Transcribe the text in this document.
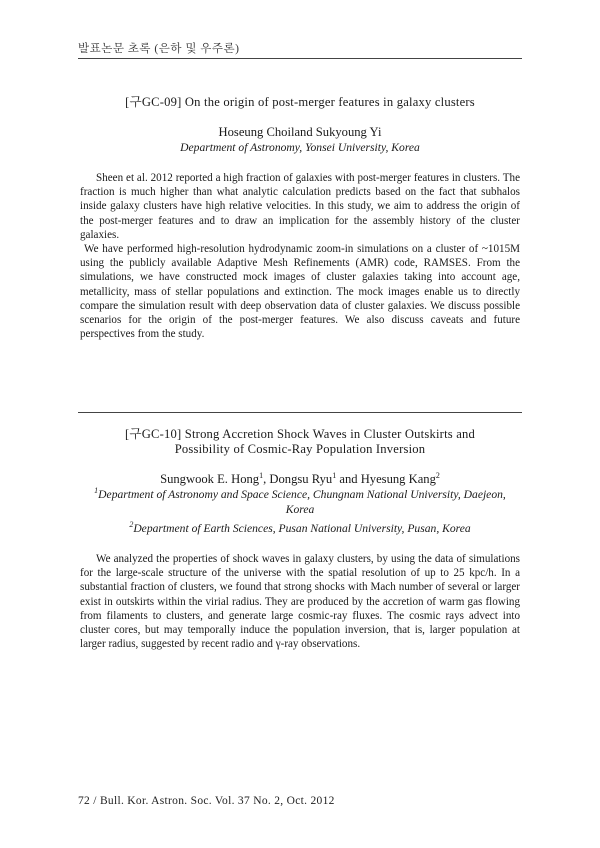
발표논문 초록 (은하 및 우주론)
[구GC-09] On the origin of post-merger features in galaxy clusters
Hoseung Choiland Sukyoung Yi
Department of Astronomy, Yonsei University, Korea

Sheen et al. 2012 reported a high fraction of galaxies with post-merger features in clusters. The fraction is much higher than what analytic calculation predicts based on the fact that subhalos inside galaxy clusters have high relative velocities. In this study, we aim to address the origin of the post-merger features and to draw an implication for the assembly history of the cluster galaxies.

We have performed high-resolution hydrodynamic zoom-in simulations on a cluster of ~1015M using the publicly available Adaptive Mesh Refinements (AMR) code, RAMSES. From the simulations, we have constructed mock images of cluster galaxies taking into account age, metallicity, mass of stellar populations and extinction. The mock images enable us to directly compare the simulation result with deep observation data of cluster galaxies. We discuss possible scenarios for the origin of the post-merger features. We also discuss caveats and future perspectives from the study.

[구GC-10] Strong Accretion Shock Waves in Cluster Outskirts and
Possibility of Cosmic-Ray Population Inversion
Sungwook E. Hong$^1$, Dongsu Ryu$^1$ and Hyesung Kang$^2$
$^1$Department of Astronomy and Space Science, Chungnam National University, Daejeon, Korea
$^2$Department of Earth Sciences, Pusan National University, Pusan, Korea

We analyzed the properties of shock waves in galaxy clusters, by using the data of simulations for the large-scale structure of the universe with the spatial resolution of up to 25 kpc/h. In a substantial fraction of clusters, we found that strong shocks with Mach number of several or larger exist in outskirts within the virial radius. They are produced by the accretion of warm gas flowing from filaments to clusters, and generate large cosmic-ray fluxes. The cosmic rays advect into cluster cores, but may temporally induce the population inversion, that is, larger population at larger radius, suggested by recent radio and γ-ray observations.

72 / Bull. Kor. Astron. Soc. Vol. 37 No. 2, Oct. 2012
